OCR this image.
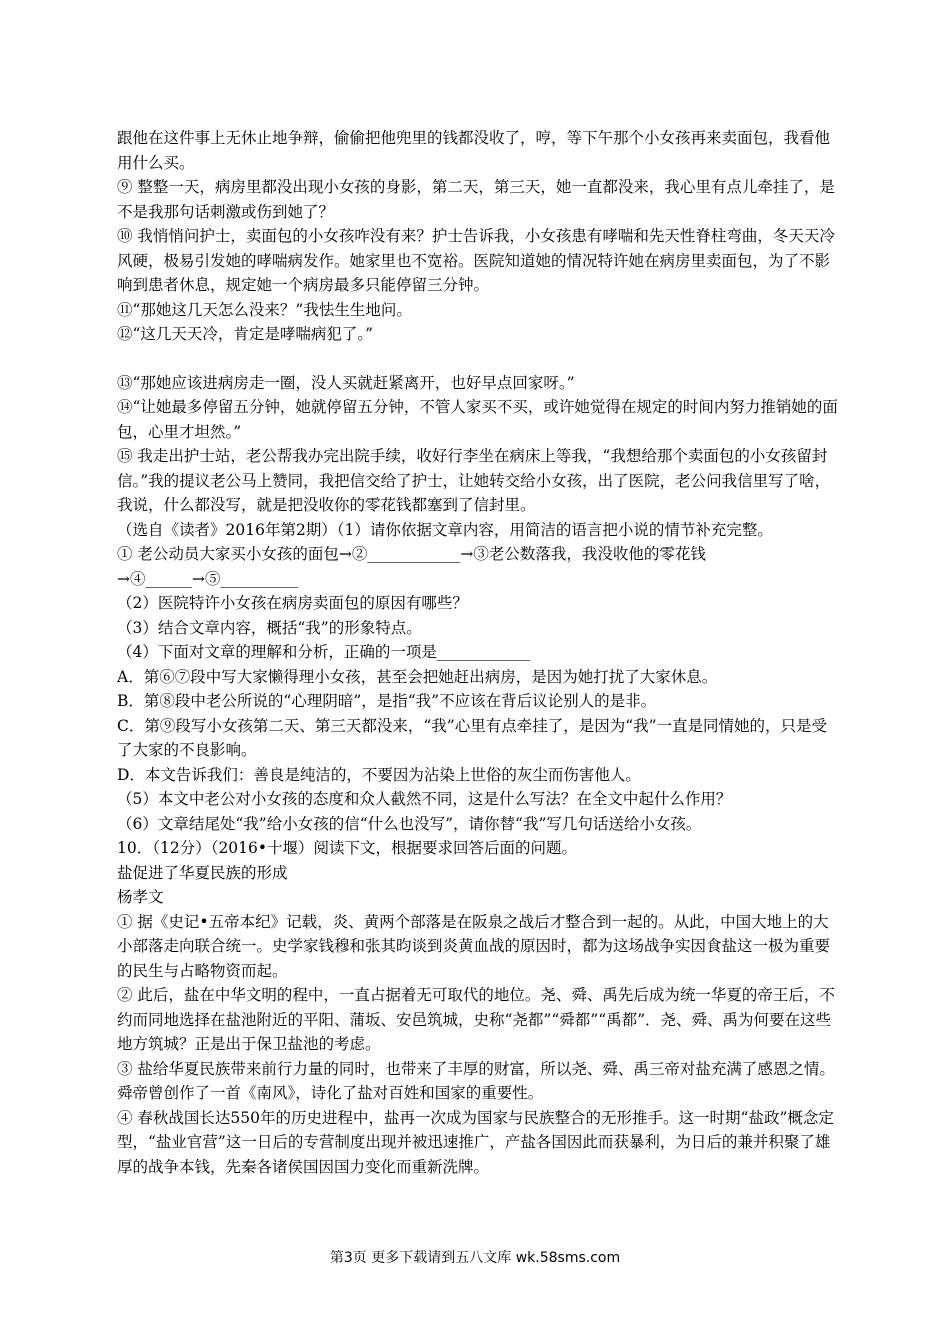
跟他在这件事上无休止地争辩，偷偷把他兜里的钱都没收了，哼，等下午那个小女孩再来卖面包，我看他用什么买。

⑨ 整整一天，病房里都没出现小女孩的身影，第二天，第三天，她一直都没来，我心里有点儿牵挂了，是不是我那句话刺激或伤到她了？

⑩ 我悄悄问护士，卖面包的小女孩咋没有来？护士告诉我，小女孩患有哮喘和先天性脊柱弯曲，冬天天冷风硬，极易引发她的哮喘病发作。她家里也不宽裕。医院知道她的情况特许她在病房里卖面包，为了不影响到患者休息，规定她一个病房最多只能停留三分钟。

⑪“那她这几天怎么没来？”我怯生生地问。

⑫“这几天天冷，肯定是哮喘病犯了。”

⑬“那她应该进病房走一圈，没人买就赶紧离开，也好早点回家呀。”

⑭“让她最多停留五分钟，她就停留五分钟，不管人家买不买，或许她觉得在规定的时间内努力推销她的面包，心里才坦然。”

⑮ 我走出护士站，老公帮我办完出院手续，收好行李坐在病床上等我，“我想给那个卖面包的小女孩留封信。”我的提议老公马上赞同，我把信交给了护士，让她转交给小女孩，出了医院，老公问我信里写了啥，我说，什么都没写，就是把没收你的零花钱都塞到了信封里。

（选自《读者》2016年第2期）（1）请你依据文章内容，用简洁的语言把小说的情节补充完整。

① 老公动员大家买小女孩的面包→②____________→③老公数落我，我没收他的零花钱→④______→⑤__________

（2）医院特许小女孩在病房卖面包的原因有哪些？

（3）结合文章内容，概括“我”的形象特点。

（4）下面对文章的理解和分析，正确的一项是____________

A．第⑥⑦段中写大家懒得理小女孩，甚至会把她赶出病房，是因为她打扰了大家休息。

B．第⑧段中老公所说的“心理阴暗”，是指“我”不应该在背后议论别人的是非。

C．第⑨段写小女孩第二天、第三天都没来，“我”心里有点牵挂了，是因为“我”一直是同情她的，只是受了大家的不良影响。

D．本文告诉我们：善良是纯洁的，不要因为沾染上世俗的灰尘而伤害他人。

（5）本文中老公对小女孩的态度和众人截然不同，这是什么写法？在全文中起什么作用？

（6）文章结尾处“我”给小女孩的信“什么也没写”，请你替“我”写几句话送给小女孩。

10．（12分）（2016•十堰）阅读下文，根据要求回答后面的问题。

盐促进了华夏民族的形成

杨孝文

① 据《史记•五帝本纪》记载，炎、黄两个部落是在阪泉之战后才整合到一起的。从此，中国大地上的大小部落走向联合统一。史学家钱穆和张其昀谈到炎黄血战的原因时，都为这场战争实因食盐这一极为重要的民生与占略物资而起。

② 此后，盐在中华文明的程中，一直占据着无可取代的地位。尧、舜、禹先后成为统一华夏的帝王后，不约而同地选择在盐池附近的平阳、蒲坂、安邑筑城，史称“尧都”“舜都”“禹都”．尧、舜、禹为何要在这些地方筑城？正是出于保卫盐池的考虑。

③ 盐给华夏民族带来前行力量的同时，也带来了丰厚的财富，所以尧、舜、禹三帝对盐充满了感恩之情。舜帝曾创作了一首《南风》，诗化了盐对百姓和国家的重要性。

④ 春秋战国长达550年的历史进程中，盐再一次成为国家与民族整合的无形推手。这一时期“盐政”概念定型，“盐业官营”这一日后的专营制度出现并被迅速推广，产盐各国因此而获暴利，为日后的兼并积聚了雄厚的战争本钱，先秦各诸侯国因国力变化而重新洗牌。

第3页 更多下载请到五八文库 wk.58sms.com
